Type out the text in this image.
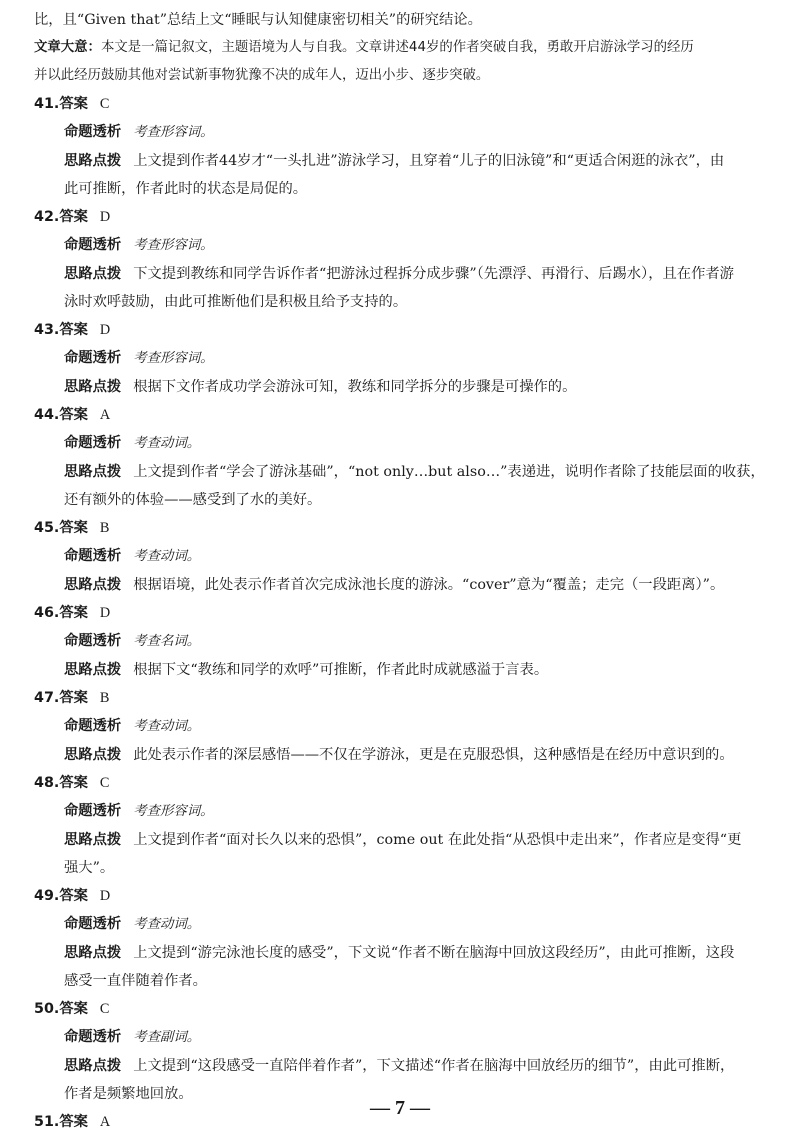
比，且“Given that”总结上文“睡眠与认知健康密切相关”的研究结论。
文章大意：本文是一篇记叙文，主题语境为人与自我。文章讲述44岁的作者突破自我，勇敢开启游泳学习的经历
并以此经历鼓励其他对尝试新事物犹豫不决的成年人，迈出小步、逐步突破。
41.答案 C
命题透析 考查形容词。
思路点拨 上文提到作者44岁才“一头扎进”游泳学习，且穿着“儿子的旧泳镜”和“更适合闲逛的泳衣”，由
此可推断，作者此时的状态是局促的。
42.答案 D
命题透析 考查形容词。
思路点拨 下文提到教练和同学告诉作者“把游泳过程拆分成步骤”（先漂浮、再滑行、后踢水），且在作者游
泳时欢呼鼓励，由此可推断他们是积极且给予支持的。
43.答案 D
命题透析 考查形容词。
思路点拨 根据下文作者成功学会游泳可知，教练和同学拆分的步骤是可操作的。
44.答案 A
命题透析 考查动词。
思路点拨 上文提到作者“学会了游泳基础”，“not only…but also…”表递进，说明作者除了技能层面的收获，
还有额外的体验——感受到了水的美好。
45.答案 B
命题透析 考查动词。
思路点拨 根据语境，此处表示作者首次完成泳池长度的游泳。“cover”意为“覆盖；走完（一段距离）”。
46.答案 D
命题透析 考查名词。
思路点拨 根据下文“教练和同学的欢呼”可推断，作者此时成就感溢于言表。
47.答案 B
命题透析 考查动词。
思路点拨 此处表示作者的深层感悟——不仅在学游泳，更是在克服恐惧，这种感悟是在经历中意识到的。
48.答案 C
命题透析 考查形容词。
思路点拨 上文提到作者“面对长久以来的恐惧”，come out 在此处指“从恐惧中走出来”，作者应是变得“更
强大”。
49.答案 D
命题透析 考查动词。
思路点拨 上文提到“游完泳池长度的感受”，下文说“作者不断在脑海中回放这段经历”，由此可推断，这段
感受一直伴随着作者。
50.答案 C
命题透析 考查副词。
思路点拨 上文提到“这段感受一直陪伴着作者”，下文描述“作者在脑海中回放经历的细节”，由此可推断，
作者是频繁地回放。
51.答案 A
— 7 —
